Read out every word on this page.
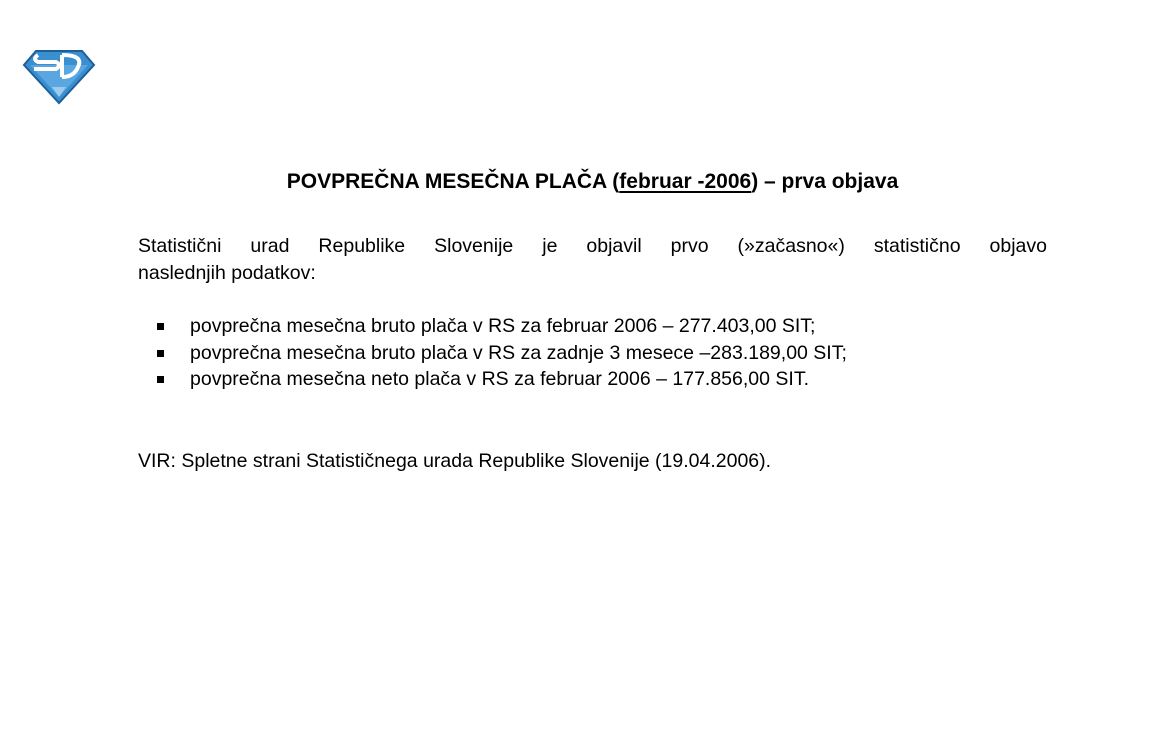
POVPREČNA MESEČNA PLAČA (februar -2006) – prva objava
Statistični urad Republike Slovenije je objavil prvo (»začasno«) statistično objavo
naslednjih podatkov:
povprečna mesečna bruto plača v RS za februar 2006 – 277.403,00 SIT;
povprečna mesečna bruto plača v RS za zadnje 3 mesece –283.189,00 SIT;
povprečna mesečna neto plača v RS za februar 2006 – 177.856,00 SIT.
VIR: Spletne strani Statističnega urada Republike Slovenije (19.04.2006).
